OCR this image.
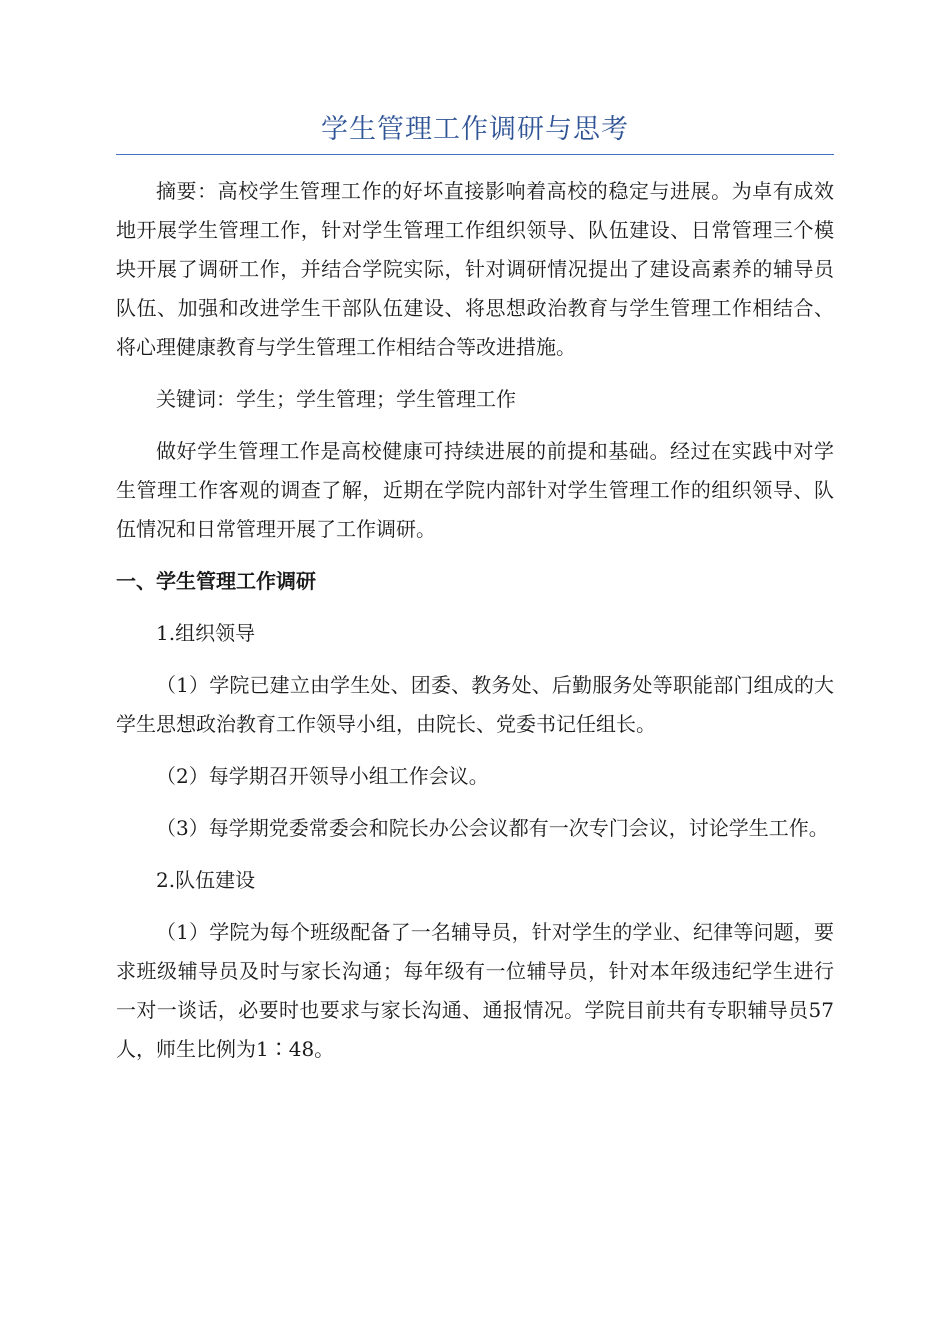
学生管理工作调研与思考

摘要：高校学生管理工作的好坏直接影响着高校的稳定与进展。为卓有成效地开展学生管理工作，针对学生管理工作组织领导、队伍建设、日常管理三个模块开展了调研工作，并结合学院实际，针对调研情况提出了建设高素养的辅导员队伍、加强和改进学生干部队伍建设、将思想政治教育与学生管理工作相结合、将心理健康教育与学生管理工作相结合等改进措施。

关键词：学生；学生管理；学生管理工作

做好学生管理工作是高校健康可持续进展的前提和基础。经过在实践中对学生管理工作客观的调查了解，近期在学院内部针对学生管理工作的组织领导、队伍情况和日常管理开展了工作调研。

一、学生管理工作调研

1.组织领导

（1）学院已建立由学生处、团委、教务处、后勤服务处等职能部门组成的大学生思想政治教育工作领导小组，由院长、党委书记任组长。

（2）每学期召开领导小组工作会议。

（3）每学期党委常委会和院长办公会议都有一次专门会议，讨论学生工作。

2.队伍建设

（1）学院为每个班级配备了一名辅导员，针对学生的学业、纪律等问题，要求班级辅导员及时与家长沟通；每年级有一位辅导员，针对本年级违纪学生进行一对一谈话，必要时也要求与家长沟通、通报情况。学院目前共有专职辅导员57人，师生比例为1∶48。
